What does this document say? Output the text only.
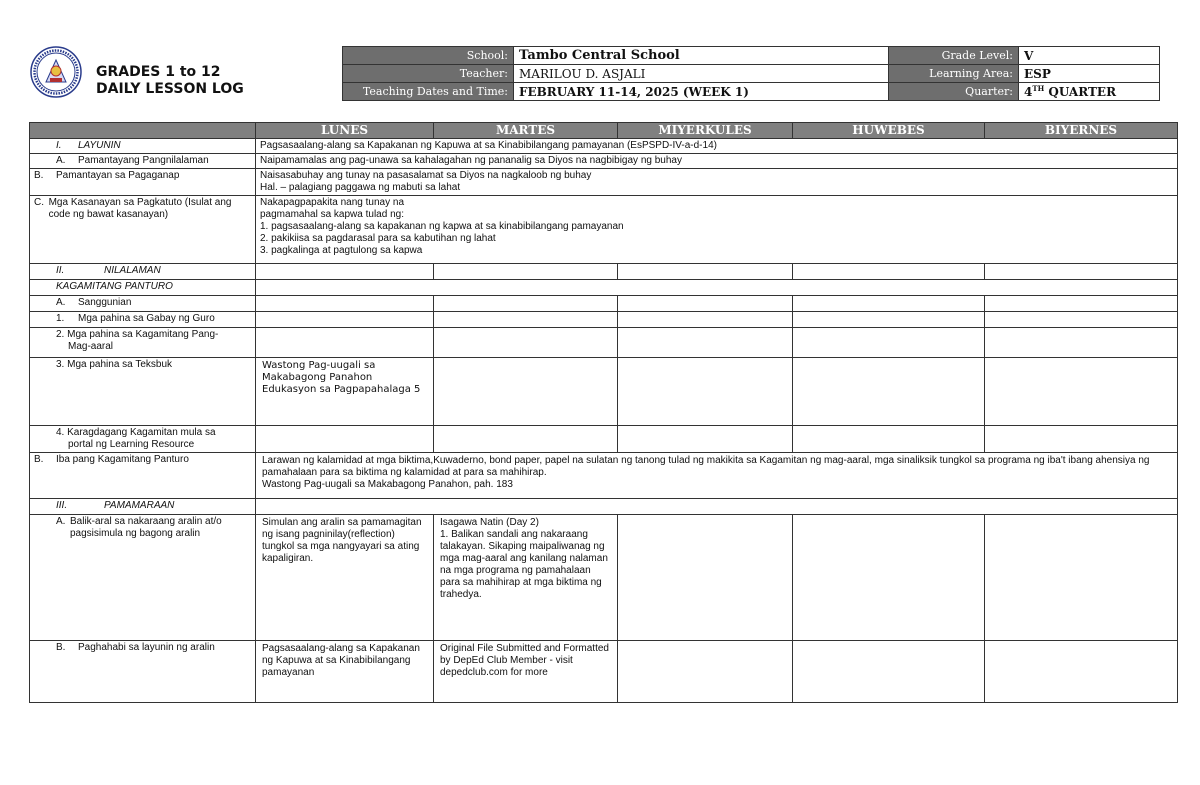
GRADES 1 to 12
DAILY LESSON LOG
School:	Tambo Central School	Grade Level:	V
Teacher:	MARILOU D. ASJALI	Learning Area:	ESP
Teaching Dates and Time:	FEBRUARY 11-14, 2025 (WEEK 1)	Quarter:	4TH QUARTER
	LUNES	MARTES	MIYERKULES	HUWEBES	BIYERNES
I. LAYUNIN	Pagsasaalang-alang sa Kapakanan ng Kapuwa at sa Kinabibilangang pamayanan (EsPSPD-IV-a-d-14)				
A. Pamantayang Pangnilalaman	Naipamamalas ang pag-unawa sa kahalagahan ng pananalig sa Diyos na nagbibigay ng buhay				
B. Pamantayan sa Pagaganap	Naisasabuhay ang tunay na pasasalamat sa Diyos na nagkaloob ng buhay
Hal. – palagiang paggawa ng mabuti sa lahat				

C. Mga Kasanayan sa Pagkatuto (Isulat ang code ng bawat kasanayan)	Nakapagpapakita nang tunay na
pagmamahal sa kapwa tulad ng:
1. pagsasaalang-alang sa kapakanan ng kapwa at sa kinabibilangang pamayanan
2. pakikiisa sa pagdarasal para sa kabutihan ng lahat
3. pagkalinga at pagtulong sa kapwa				

II. NILALAMAN					
KAGAMITANG PANTURO					
A. Sanggunian					
1. Mga pahina sa Gabay ng Guro					

2. Mga pahina sa Kagamitang Pang-
Mag-aaral					

3. Mga pahina sa Teksbuk	Wastong Pag-uugali sa Makabagong Panahon Edukasyon sa Pagpapahalaga 5				

4. Karagdagang Kagamitan mula sa
portal ng Learning Resource					

B. Iba pang Kagamitang Panturo	Larawan ng kalamidad at mga biktima,Kuwaderno, bond paper, papel na sulatan ng tanong tulad ng makikita sa Kagamitan ng mag-aaral, mga sinaliksik tungkol sa programa ng iba't ibang ahensiya ng pamahalaan para sa biktima ng kalamidad at para sa mahihirap.
Wastong Pag-uugali sa Makabagong Panahon, pah. 183				

III. PAMAMARAAN					

A. Balik-aral sa nakaraang aralin at/o pagsisimula ng bagong aralin	Simulan ang aralin sa pamamagitan ng isang pagninilay(reflection) tungkol sa mga nangyayari sa ating kapaligiran.	Isagawa Natin (Day 2)
1. Balikan sandali ang nakaraang talakayan. Sikaping maipaliwanag ng mga mag-aaral ang kanilang nalaman na mga programa ng pamahalaan para sa mahihirap at mga biktima ng trahedya.			

B. Paghahabi sa layunin ng aralin	Pagsasaalang-alang sa Kapakanan
ng Kapuwa at sa Kinabibilangang pamayanan	Original File Submitted and Formatted by DepEd Club Member - visit depedclub.com for more			
